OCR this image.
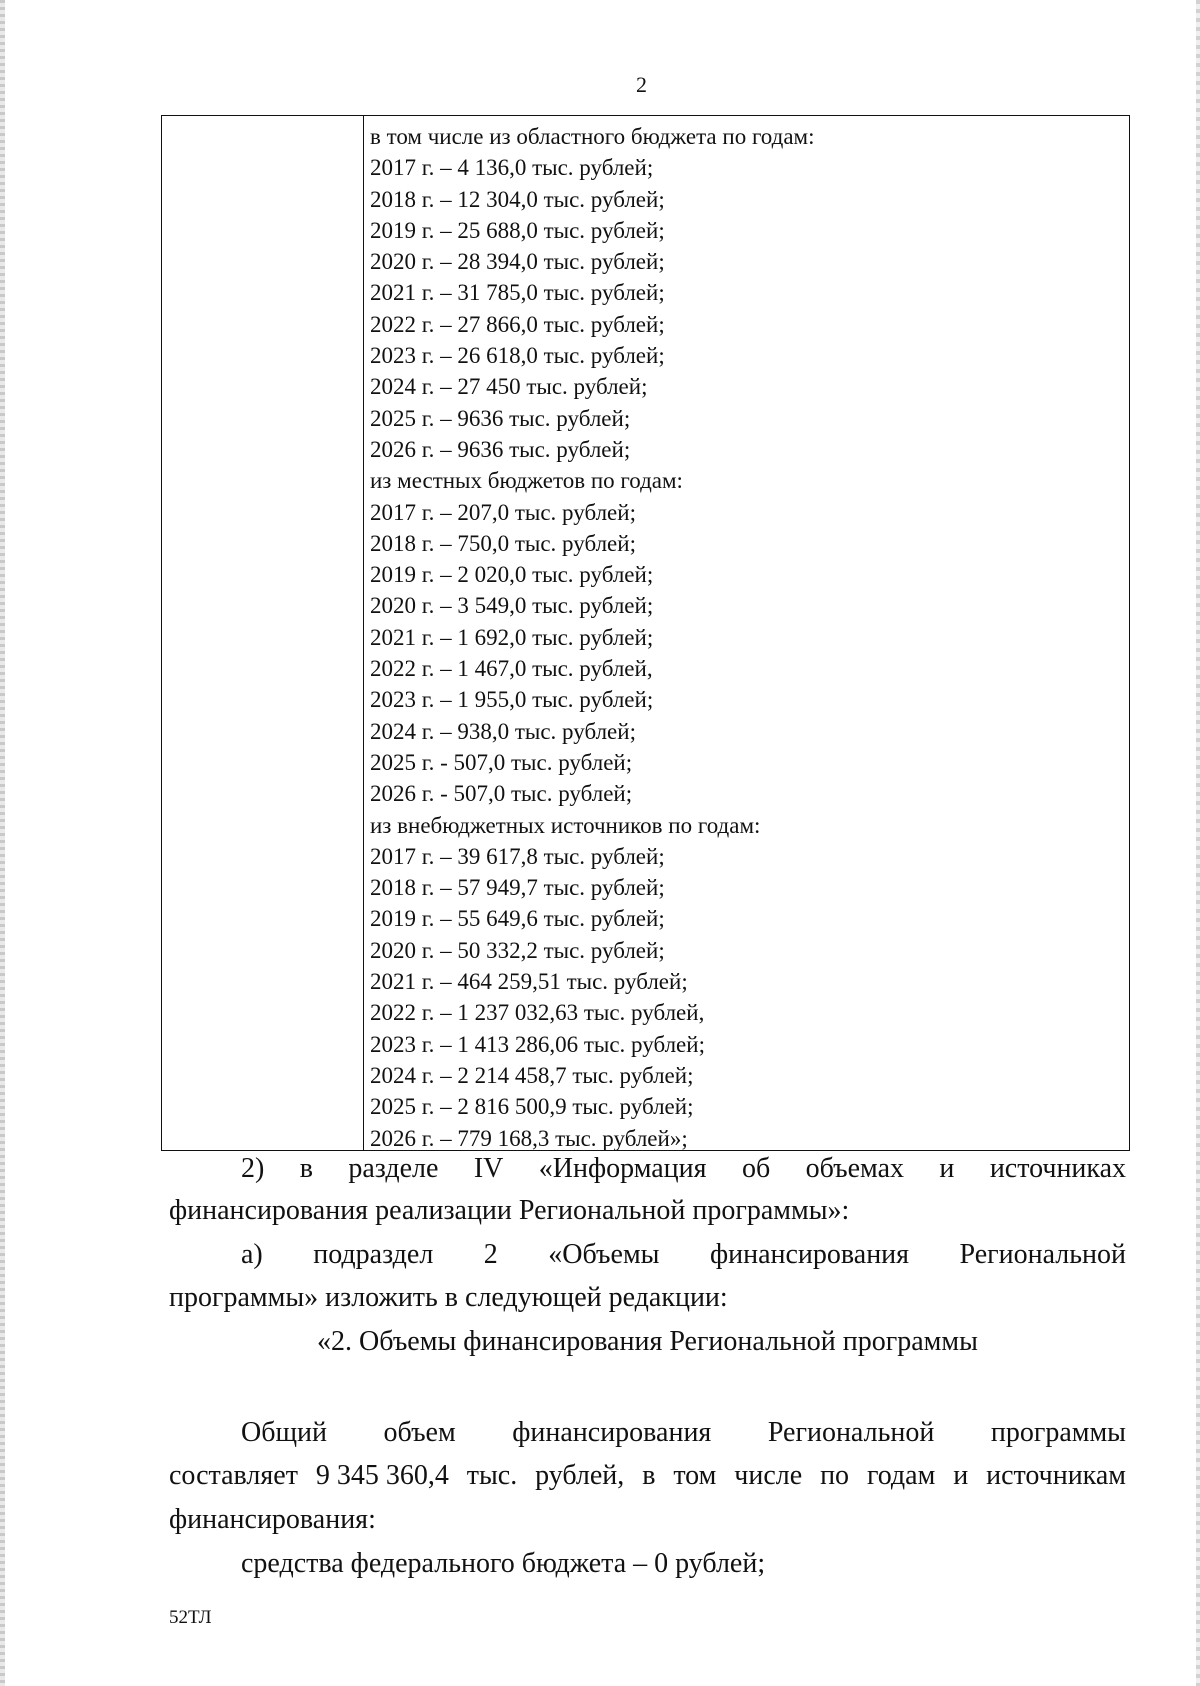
2
в том числе из областного бюджета по годам:
2017 г. – 4 136,0 тыс. рублей;
2018 г. – 12 304,0 тыс. рублей;
2019 г. – 25 688,0 тыс. рублей;
2020 г. – 28 394,0 тыс. рублей;
2021 г. – 31 785,0 тыс. рублей;
2022 г. – 27 866,0 тыс. рублей;
2023 г. – 26 618,0 тыс. рублей;
2024 г. – 27 450 тыс. рублей;
2025 г. – 9636 тыс. рублей;
2026 г. – 9636 тыс. рублей;
из местных бюджетов по годам:
2017 г. – 207,0 тыс. рублей;
2018 г. – 750,0 тыс. рублей;
2019 г. – 2 020,0 тыс. рублей;
2020 г. – 3 549,0 тыс. рублей;
2021 г. – 1 692,0 тыс. рублей;
2022 г. – 1 467,0 тыс. рублей,
2023 г. – 1 955,0 тыс. рублей;
2024 г. – 938,0 тыс. рублей;
2025 г. - 507,0 тыс. рублей;
2026 г. - 507,0 тыс. рублей;
из внебюджетных источников по годам:
2017 г. – 39 617,8 тыс. рублей;
2018 г. – 57 949,7 тыс. рублей;
2019 г. – 55 649,6 тыс. рублей;
2020 г. – 50 332,2 тыс. рублей;
2021 г. – 464 259,51 тыс. рублей;
2022 г. – 1 237 032,63 тыс. рублей,
2023 г. – 1 413 286,06 тыс. рублей;
2024 г. – 2 214 458,7 тыс. рублей;
2025 г. – 2 816 500,9 тыс. рублей;
2026 г. – 779 168,3 тыс. рублей»;
2) в разделе IV «Информация об объемах и источниках
финансирования реализации Региональной программы»:
а) подраздел 2 «Объемы финансирования Региональной
программы» изложить в следующей редакции:
«2. Объемы финансирования Региональной программы
Общий объем финансирования Региональной программы
составляет 9 345 360,4 тыс. рублей, в том числе по годам и источникам
финансирования:
средства федерального бюджета – 0 рублей;
52ТЛ
